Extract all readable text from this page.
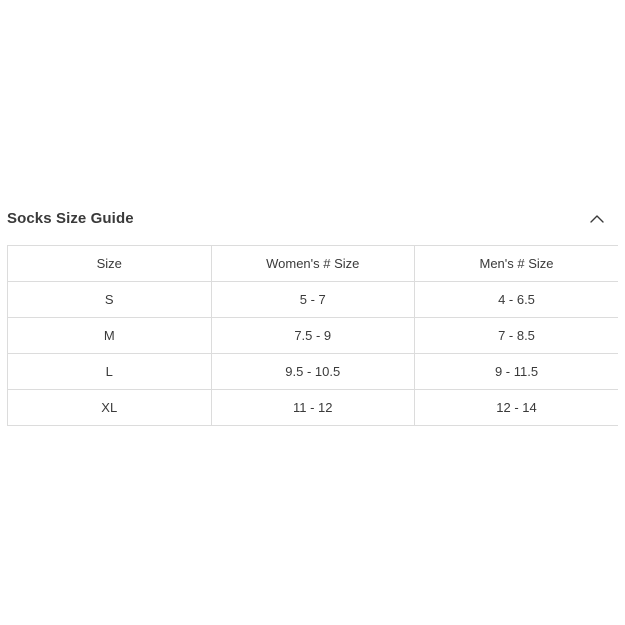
Socks Size Guide
Size	Women's # Size	Men's # Size
S	5 - 7	4 - 6.5
M	7.5 - 9	7 - 8.5
L	9.5 - 10.5	9 - 11.5
XL	11 - 12	12 - 14
